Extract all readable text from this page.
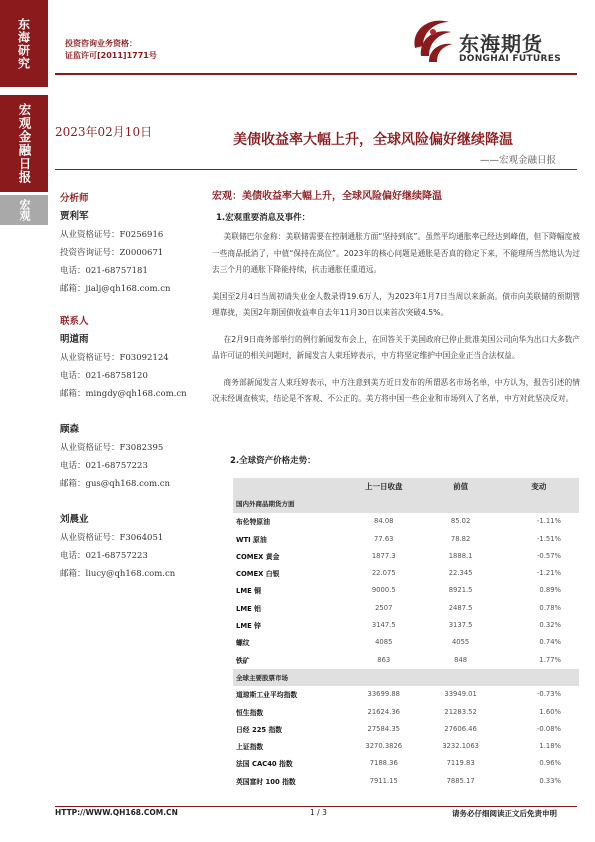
东海研究
宏观金融日报
宏观
投资咨询业务资格：
证监许可[2011]1771号	东海期货
DONGHAI FUTURES
2023年02月10日	美债收益率大幅上升，全球风险偏好继续降温
——宏观金融日报
分析师
贾利军
从业资格证号：F0256916
投资咨询证号：Z0000671
电话：021-68757181
邮箱：jialj@qh168.com.cn
联系人
明道雨
从业资格证号：F03092124
电话：021-68758120
邮箱：mingdy@qh168.com.cn
顾森
从业资格证号：F3082395
电话：021-68757223
邮箱：gus@qh168.com.cn
刘晨业
从业资格证号：F3064051
电话：021-68757223
邮箱：liucy@qh168.com.cn
宏观：美债收益率大幅上升，全球风险偏好继续降温
1.宏观重要消息及事件：

美联储巴尔金称：美联储需要在控制通胀方面“坚持到底”。虽然平均通胀率已经达到峰值，但下降幅度被一些商品抵消了，中值“保持在高位”。2023年的核心问题是通胀是否真的稳定下来，不能理所当然地认为过去三个月的通胀下降能持续，抗击通胀任重道远。

美国至2月4日当周初请失业金人数录得19.6万人，为2023年1月7日当周以来新高。债市向美联储的预期管理靠拢，美国2年期国债收益率自去年11月30日以来首次突破4.5%。

在2月9日商务部举行的例行新闻发布会上，在回答关于美国政府已停止批准美国公司向华为出口大多数产品许可证的相关问题时，新闻发言人束珏婷表示，中方将坚定维护中国企业正当合法权益。

商务部新闻发言人束珏婷表示，中方注意到美方近日发布的所谓恶名市场名单，中方认为，报告引述的情况未经调查核实，结论是不客观、不公正的。美方将中国一些企业和市场列入了名单，中方对此坚决反对。

2.全球资产价格走势：
	上一日收盘	前值	变动
国内外商品期货方面			
布伦特原油	84.08	85.02	-1.11%
WTI 原油	77.63	78.82	-1.51%
COMEX 黄金	1877.3	1888.1	-0.57%
COMEX 白银	22.075	22.345	-1.21%
LME 铜	9000.5	8921.5	0.89%
LME 铝	2507	2487.5	0.78%
LME 锌	3147.5	3137.5	0.32%
螺纹	4085	4055	0.74%
铁矿	863	848	1.77%
全球主要股票市场			
道琼斯工业平均指数	33699.88	33949.01	-0.73%
恒生指数	21624.36	21283.52	1.60%
日经 225 指数	27584.35	27606.46	-0.08%
上证指数	3270.3826	3232.1063	1.18%
法国 CAC40 指数	7188.36	7119.83	0.96%
英国富时 100 指数	7911.15	7885.17	0.33%
HTTP://WWW.QH168.COM.CN	1 / 3	请务必仔细阅读正文后免责申明
